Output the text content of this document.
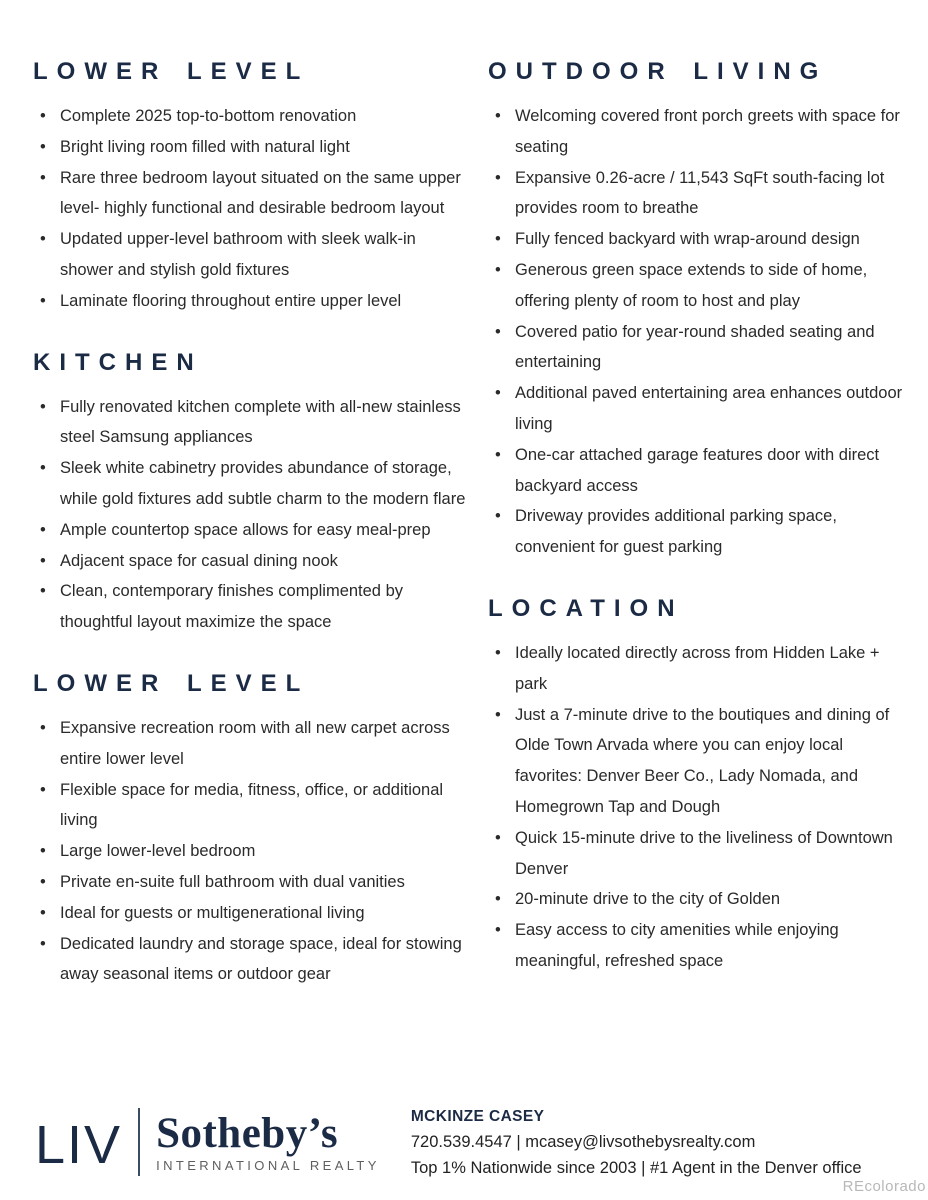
LOWER LEVEL
• Complete 2025 top-to-bottom renovation
• Bright living room filled with natural light
• Rare three bedroom layout situated on the same upper level- highly functional and desirable bedroom layout
• Updated upper-level bathroom with sleek walk-in shower and stylish gold fixtures
• Laminate flooring throughout entire upper level
KITCHEN
• Fully renovated kitchen complete with all-new stainless steel Samsung appliances
• Sleek white cabinetry provides abundance of storage, while gold fixtures add subtle charm to the modern flare
• Ample countertop space allows for easy meal-prep
• Adjacent space for casual dining nook
• Clean, contemporary finishes complimented by thoughtful layout maximize the space
LOWER LEVEL
• Expansive recreation room with all new carpet across entire lower level
• Flexible space for media, fitness, office, or additional living
• Large lower-level bedroom
• Private en-suite full bathroom with dual vanities
• Ideal for guests or multigenerational living
• Dedicated laundry and storage space, ideal for stowing away seasonal items or outdoor gear
OUTDOOR LIVING
• Welcoming covered front porch greets with space for seating
• Expansive 0.26-acre / 11,543 SqFt south-facing lot provides room to breathe
• Fully fenced backyard with wrap-around design
• Generous green space extends to side of home, offering plenty of room to host and play
• Covered patio for year-round shaded seating and entertaining
• Additional paved entertaining area enhances outdoor living
• One-car attached garage features door with direct backyard access
• Driveway provides additional parking space, convenient for guest parking
LOCATION
• Ideally located directly across from Hidden Lake + park
• Just a 7-minute drive to the boutiques and dining of Olde Town Arvada where you can enjoy local favorites: Denver Beer Co., Lady Nomada, and Homegrown Tap and Dough
• Quick 15-minute drive to the liveliness of Downtown Denver
• 20-minute drive to the city of Golden
• Easy access to city amenities while enjoying meaningful, refreshed space
LIV Sotheby’s
INTERNATIONAL REALTY
MCKINZE CASEY
720.539.4547 | mcasey@livsothebysrealty.com
Top 1% Nationwide since 2003 | #1 Agent in the Denver office
REcolorado
